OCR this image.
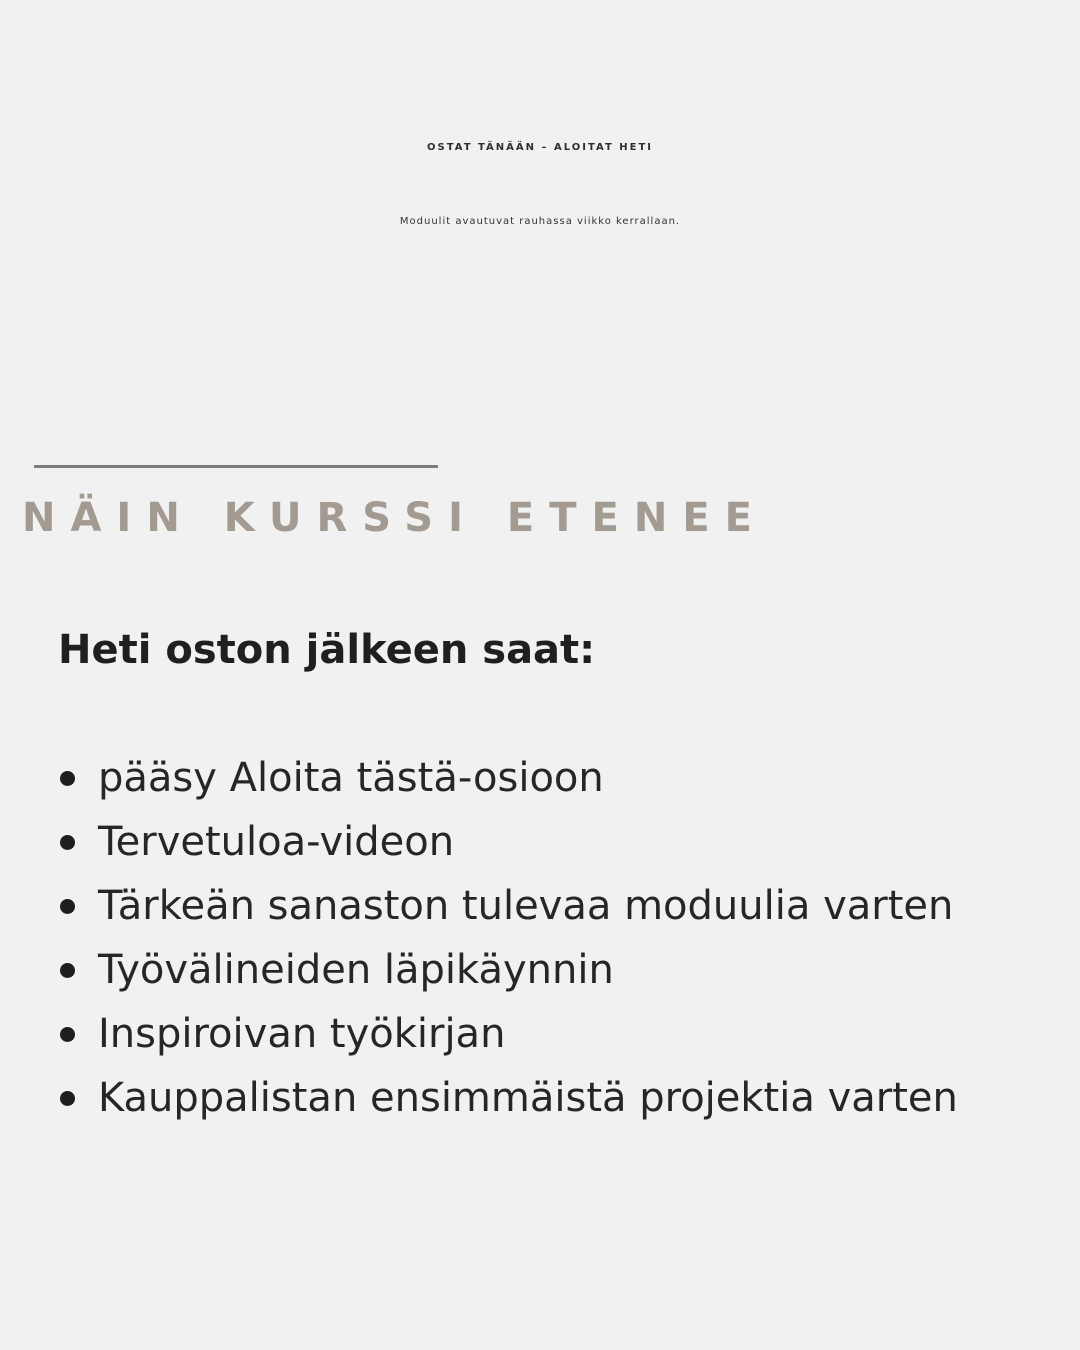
OSTAT TÄNÄÄN – ALOITAT HETI
Moduulit avautuvat rauhassa viikko kerrallaan.
NÄIN KURSSI ETENEE
Heti oston jälkeen saat:
pääsy Aloita tästä-osioon
Tervetuloa-videon
Tärkeän sanaston tulevaa moduulia varten
Työvälineiden läpikäynnin
Inspiroivan työkirjan
Kauppalistan ensimmäistä projektia varten
